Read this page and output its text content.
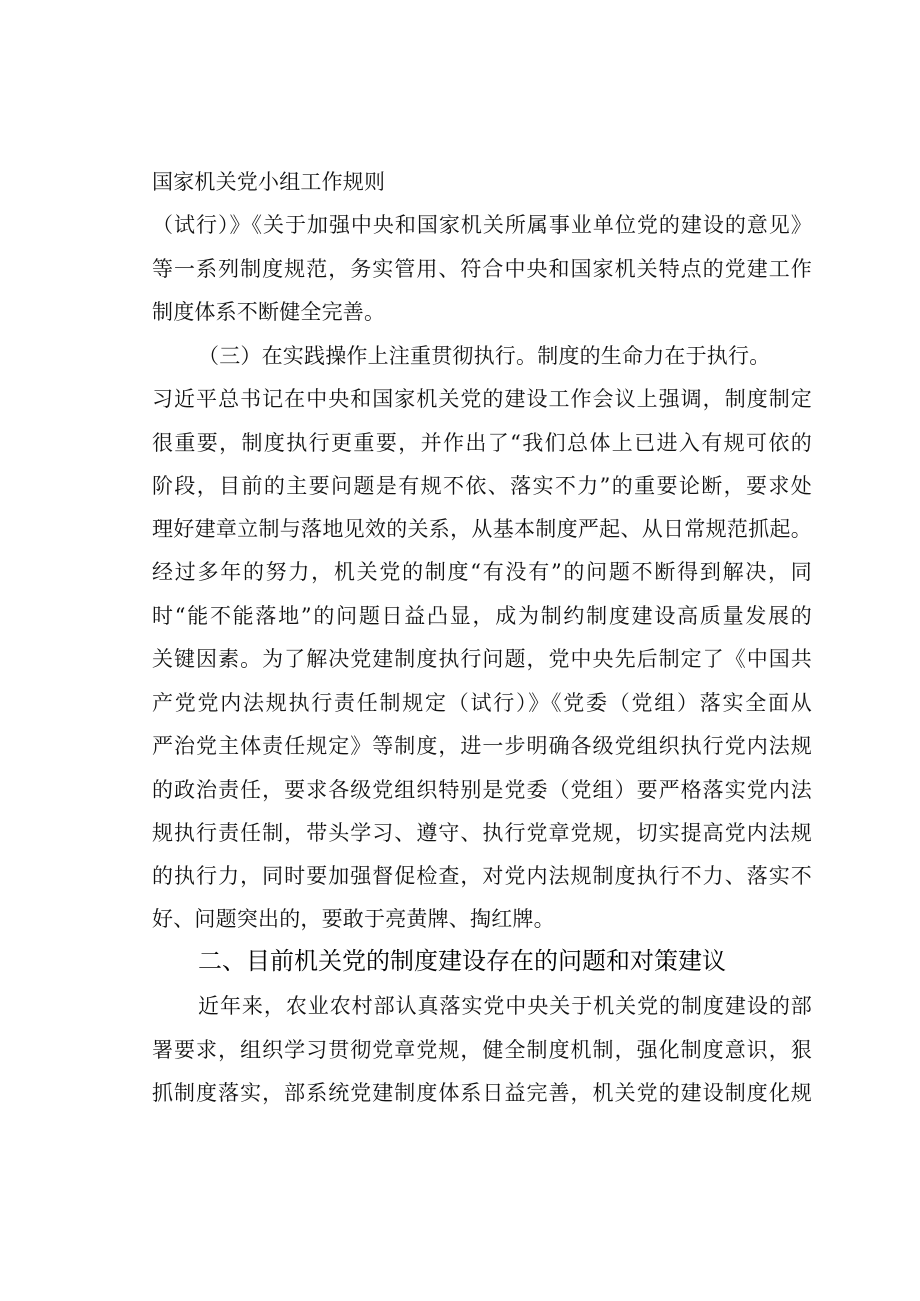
国家机关党小组工作规则
（试行）》《关于加强中央和国家机关所属事业单位党的建设的意见》
等一系列制度规范，务实管用、符合中央和国家机关特点的党建工作
制度体系不断健全完善。
（三）在实践操作上注重贯彻执行。制度的生命力在于执行。
习近平总书记在中央和国家机关党的建设工作会议上强调，制度制定
很重要，制度执行更重要，并作出了“我们总体上已进入有规可依的
阶段，目前的主要问题是有规不依、落实不力”的重要论断，要求处
理好建章立制与落地见效的关系，从基本制度严起、从日常规范抓起。
经过多年的努力，机关党的制度“有没有”的问题不断得到解决，同
时“能不能落地”的问题日益凸显，成为制约制度建设高质量发展的
关键因素。为了解决党建制度执行问题，党中央先后制定了《中国共
产党党内法规执行责任制规定（试行）》《党委（党组）落实全面从
严治党主体责任规定》等制度，进一步明确各级党组织执行党内法规
的政治责任，要求各级党组织特别是党委（党组）要严格落实党内法
规执行责任制，带头学习、遵守、执行党章党规，切实提高党内法规
的执行力，同时要加强督促检查，对党内法规制度执行不力、落实不
好、问题突出的，要敢于亮黄牌、掏红牌。
二、目前机关党的制度建设存在的问题和对策建议
近年来，农业农村部认真落实党中央关于机关党的制度建设的部
署要求，组织学习贯彻党章党规，健全制度机制，强化制度意识，狠
抓制度落实，部系统党建制度体系日益完善，机关党的建设制度化规
